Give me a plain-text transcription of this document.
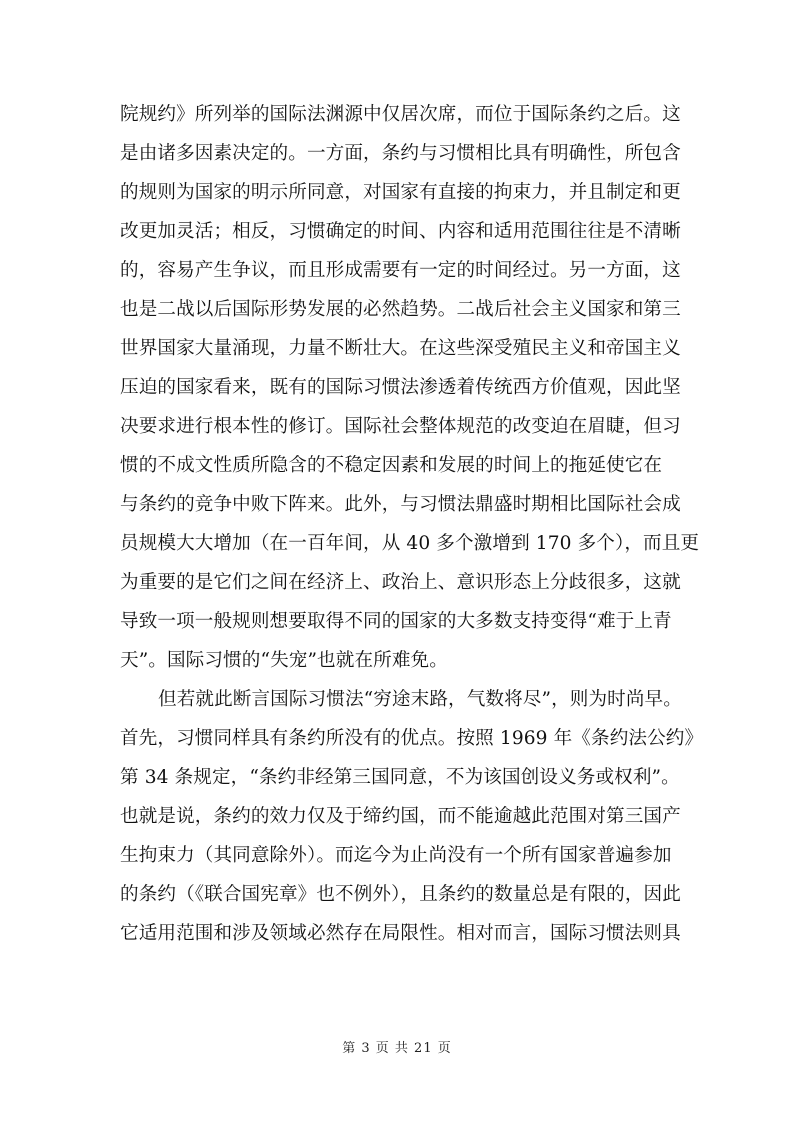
院规约》所列举的国际法渊源中仅居次席，而位于国际条约之后。这
是由诸多因素决定的。一方面，条约与习惯相比具有明确性，所包含
的规则为国家的明示所同意，对国家有直接的拘束力，并且制定和更
改更加灵活；相反，习惯确定的时间、内容和适用范围往往是不清晰
的，容易产生争议，而且形成需要有一定的时间经过。另一方面，这
也是二战以后国际形势发展的必然趋势。二战后社会主义国家和第三
世界国家大量涌现，力量不断壮大。在这些深受殖民主义和帝国主义
压迫的国家看来，既有的国际习惯法渗透着传统西方价值观，因此坚
决要求进行根本性的修订。国际社会整体规范的改变迫在眉睫，但习
惯的不成文性质所隐含的不稳定因素和发展的时间上的拖延使它在
与条约的竞争中败下阵来。此外，与习惯法鼎盛时期相比国际社会成
员规模大大增加（在一百年间，从 40 多个激增到 170 多个），而且更
为重要的是它们之间在经济上、政治上、意识形态上分歧很多，这就
导致一项一般规则想要取得不同的国家的大多数支持变得“难于上青
天”。国际习惯的“失宠”也就在所难免。
但若就此断言国际习惯法“穷途末路，气数将尽”，则为时尚早。
首先，习惯同样具有条约所没有的优点。按照 1969 年《条约法公约》
第 34 条规定，“条约非经第三国同意，不为该国创设义务或权利”。
也就是说，条约的效力仅及于缔约国，而不能逾越此范围对第三国产
生拘束力（其同意除外）。而迄今为止尚没有一个所有国家普遍参加
的条约（《联合国宪章》也不例外），且条约的数量总是有限的，因此
它适用范围和涉及领域必然存在局限性。相对而言，国际习惯法则具
第 3 页 共 21 页
